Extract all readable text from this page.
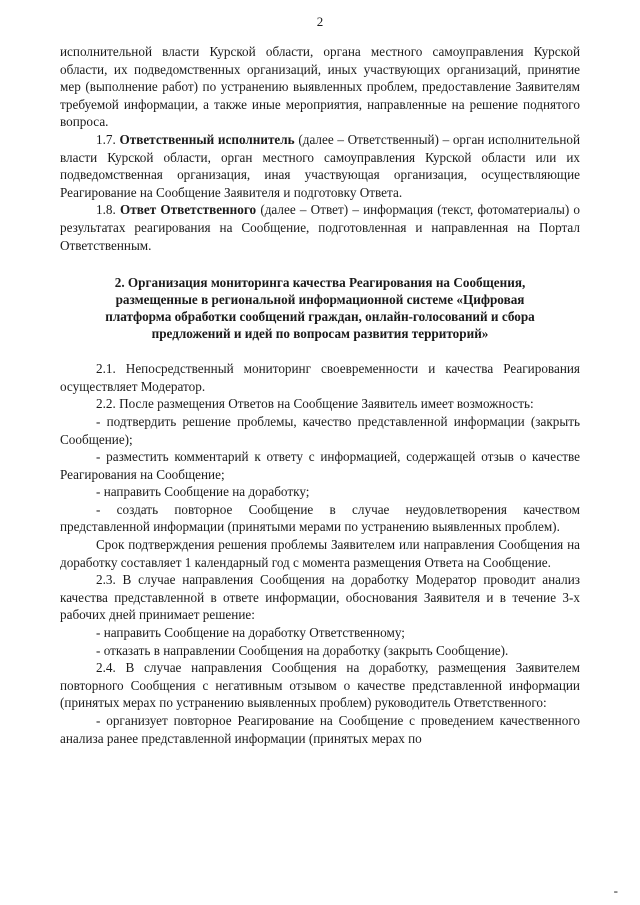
2

исполнительной власти Курской области, органа местного самоуправления Курской области, их подведомственных организаций, иных участвующих организаций, принятие мер (выполнение работ) по устранению выявленных проблем, предоставление Заявителям требуемой информации, а также иные мероприятия, направленные на решение поднятого вопроса.

1.7. Ответственный исполнитель (далее – Ответственный) – орган исполнительной власти Курской области, орган местного самоуправления Курской области или их подведомственная организация, иная участвующая организация, осуществляющие Реагирование на Сообщение Заявителя и подготовку Ответа.

1.8. Ответ Ответственного (далее – Ответ) – информация (текст, фотоматериалы) о результатах реагирования на Сообщение, подготовленная и направленная на Портал Ответственным.

2. Организация мониторинга качества Реагирования на Сообщения,
размещенные в региональной информационной системе «Цифровая
платформа обработки сообщений граждан, онлайн-голосований и сбора
предложений и идей по вопросам развития территорий»

2.1. Непосредственный мониторинг своевременности и качества Реагирования осуществляет Модератор.

2.2. После размещения Ответов на Сообщение Заявитель имеет возможность:

- подтвердить решение проблемы, качество представленной информации (закрыть Сообщение);

- разместить комментарий к ответу с информацией, содержащей отзыв о качестве Реагирования на Сообщение;

- направить Сообщение на доработку;

- создать повторное Сообщение в случае неудовлетворения качеством представленной информации (принятыми мерами по устранению выявленных проблем).

Срок подтверждения решения проблемы Заявителем или направления Сообщения на доработку составляет 1 календарный год с момента размещения Ответа на Сообщение.

2.3. В случае направления Сообщения на доработку Модератор проводит анализ качества представленной в ответе информации, обоснования Заявителя и в течение 3-х рабочих дней принимает решение:

- направить Сообщение на доработку Ответственному;

- отказать в направлении Сообщения на доработку (закрыть Сообщение).

2.4. В случае направления Сообщения на доработку, размещения Заявителем повторного Сообщения с негативным отзывом о качестве представленной информации (принятых мерах по устранению выявленных проблем) руководитель Ответственного:

- организует повторное Реагирование на Сообщение с проведением качественного анализа ранее представленной информации (принятых мерах по

-
